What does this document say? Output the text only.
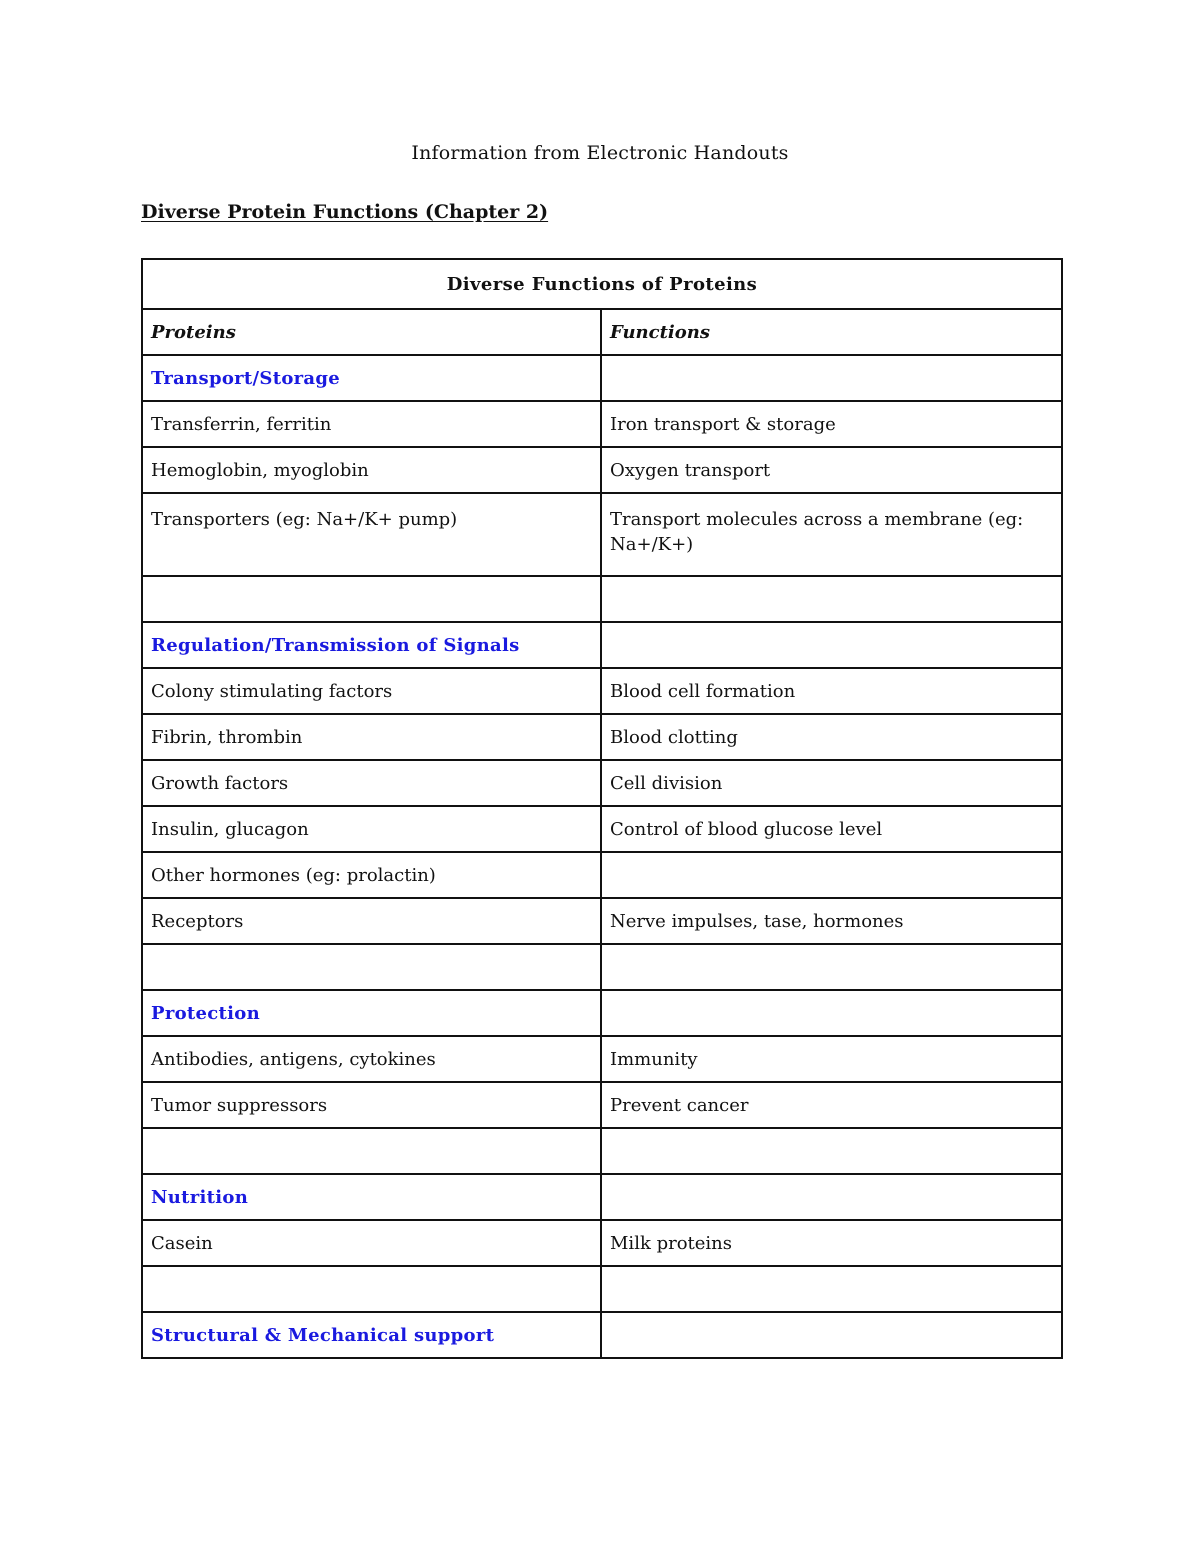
Information from Electronic Handouts
Diverse Protein Functions (Chapter 2)
Diverse Functions of Proteins	
Proteins	Functions
Transport/Storage	
Transferrin, ferritin	Iron transport & storage
Hemoglobin, myoglobin	Oxygen transport
Transporters (eg: Na+/K+ pump)	Transport molecules across a membrane (eg: Na+/K+)

Regulation/Transmission of Signals	
Colony stimulating factors	Blood cell formation
Fibrin, thrombin	Blood clotting
Growth factors	Cell division
Insulin, glucagon	Control of blood glucose level
Other hormones (eg: prolactin)	
Receptors	Nerve impulses, tase, hormones

Protection	
Antibodies, antigens, cytokines	Immunity
Tumor suppressors	Prevent cancer

Nutrition	
Casein	Milk proteins

Structural & Mechanical support	
